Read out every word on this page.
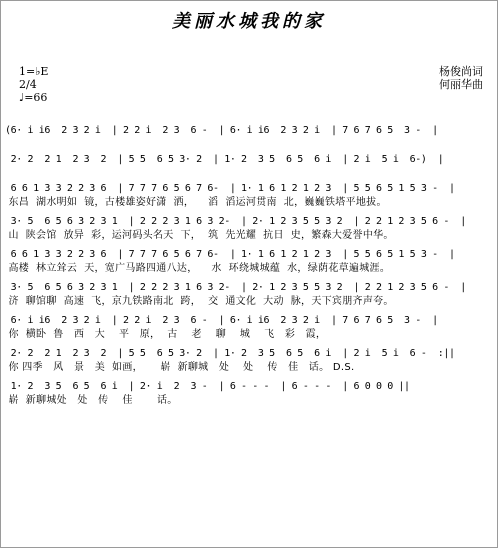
美丽水城我的家
1=♭E
2/4
♩=66
杨俊尚词
何丽华曲
(6· i i6  2 3 2 i  | 2 2 i  2 3  6 -  | 6· i i6  2 3 2 i  | 7 6 7 6 5  3 -  |
2· 2  2 1  2 3  2  | 5 5  6 5 3· 2  | 1· 2  3 5  6 5  6 i  | 2 i  5 i  6-)  |
6 6 1 3 3 2 2 3 6  | 7 7 7 6 5 6 7 6-  | 1· 1 6 1 2 1 2 3  | 5 5 6 5 1 5 3 -  |
东昌  湖水明如  镜，古楼雄姿好潇  洒，    滔  滔运河贯南  北，巍巍铁塔平地拔。
3· 5  6 5 6 3 2 3 1  | 2 2 2 3 1 6 3 2-  | 2· 1 2 3 5 5 3 2  | 2 2 1 2 3 5 6 -  |
山  陕会馆  放异  彩，运河码头名天  下，  筑  先光耀  抗日  史，繁森大爱誉中华。
6 6 1 3 3 2 2 3 6  | 7 7 7 6 5 6 7 6-  | 1· 1 6 1 2 1 2 3  | 5 5 6 5 1 5 3 -  |
高楼  林立耸云  天，宽广马路四通八达，    水  环绕城城蕴  水，绿荫花草遍城涯。
3· 5  6 5 6 3 2 3 1  | 2 2 2 3 1 6 3 2-  | 2· 1 2 3 5 5 3 2  | 2 2 1 2 3 5 6 -  |
济  聊馆聊  高速  飞，京九铁路南北  跨，  交  通文化  大动  脉，天下宾朋齐声夸。
6· i i6  2 3 2 i  | 2 2 i  2 3  6 -  | 6· i i6  2 3 2 i  | 7 6 7 6 5  3 -  |
你  横卧  鲁   西   大    平   原，  古    老    聊    城    飞   彩   霞，
2· 2  2 1  2 3  2  | 5 5  6 5 3· 2  | 1· 2  3 5  6 5  6 i  | 2 i  5 i  6 -  :||
你 四季   风   景   美  如画，     崭  新聊城   处    处    传   佳   话。 D.S.
1· 2  3 5  6 5  6 i  | 2· i  2  3 -  | 6 - - -  | 6 - - -  | 6 0 0 0 ||
崭  新聊城处   处   传    佳       话。
